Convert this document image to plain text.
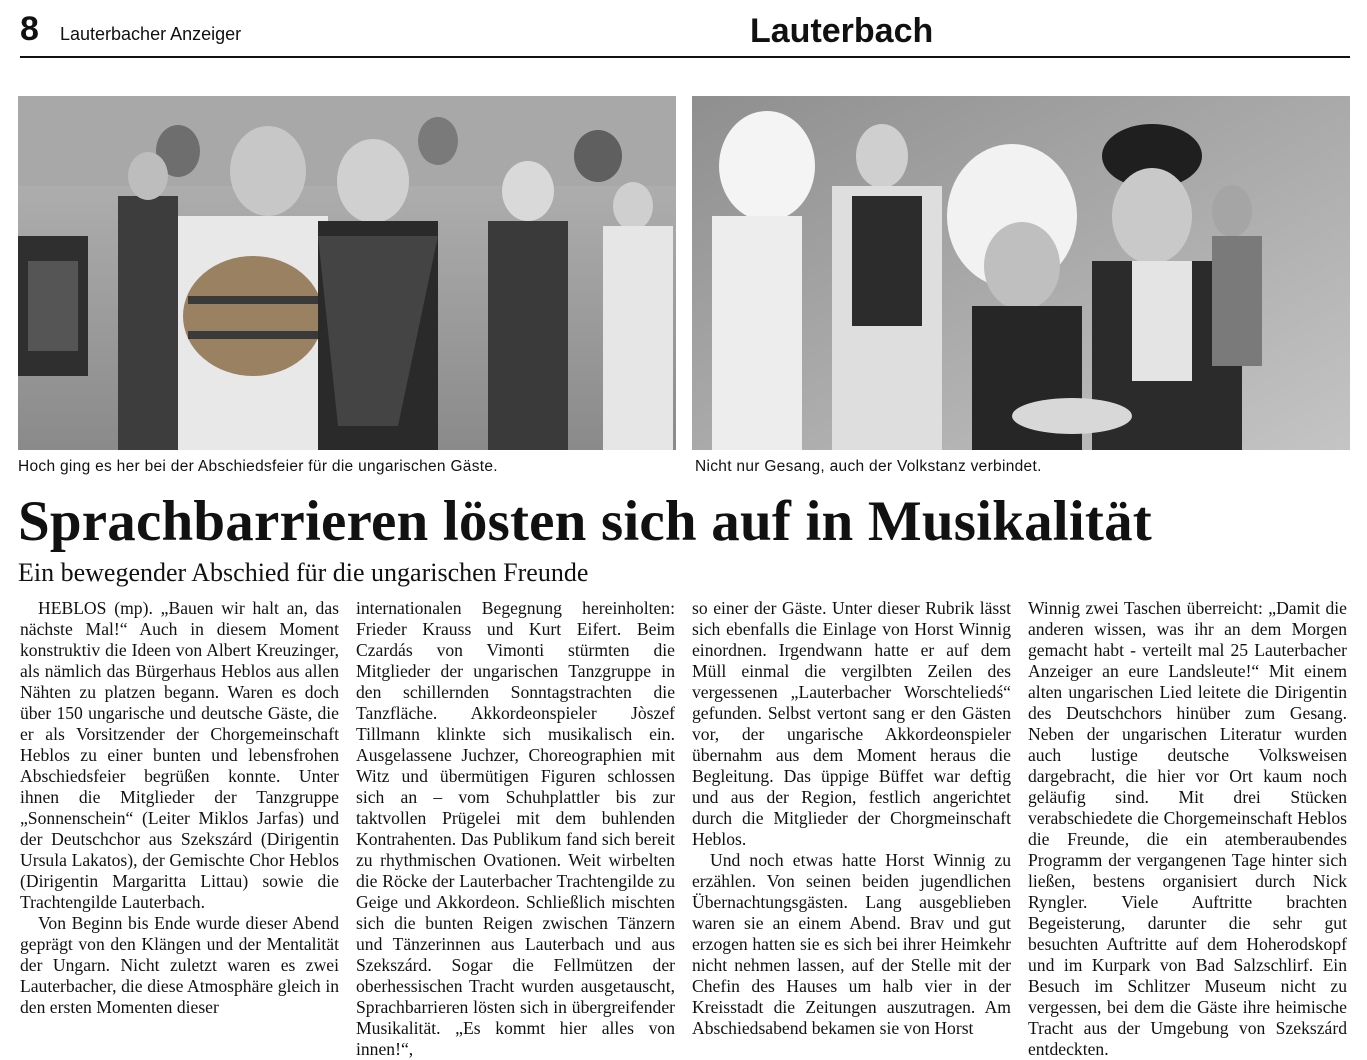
8 Lauterbacher Anzeiger	Lauterbach
Hoch ging es her bei der Abschiedsfeier für die ungarischen Gäste.	Nicht nur Gesang, auch der Volkstanz verbindet.
Sprachbarrieren lösten sich auf in Musikalität
Ein bewegender Abschied für die ungarischen Freunde

HEBLOS (mp). „Bauen wir halt an, das nächste Mal!“ Auch in diesem Moment konstruktiv die Ideen von Albert Kreuzinger, als nämlich das Bürgerhaus Heblos aus allen Nähten zu platzen begann. Waren es doch über 150 ungarische und deutsche Gäste, die er als Vorsitzender der Chorgemeinschaft Heblos zu einer bunten und lebensfrohen Abschiedsfeier begrüßen konnte. Unter ihnen die Mitglieder der Tanzgruppe „Sonnenschein“ (Leiter Miklos Jarfas) und der Deutschchor aus Szekszárd (Dirigentin Ursula Lakatos), der Gemischte Chor Heblos (Dirigentin Margaritta Littau) sowie die Trachtengilde Lauterbach.

Von Beginn bis Ende wurde dieser Abend geprägt von den Klängen und der Mentalität der Ungarn. Nicht zuletzt waren es zwei Lauterbacher, die diese Atmosphäre gleich in den ersten Momenten dieser

internationalen Begegnung hereinholten: Frieder Krauss und Kurt Eifert. Beim Czardás von Vimonti stürmten die Mitglieder der ungarischen Tanzgruppe in den schillernden Sonntagstrachten die Tanzfläche. Akkordeonspieler Jòszef Tillmann klinkte sich musikalisch ein. Ausgelassene Juchzer, Choreographien mit Witz und übermütigen Figuren schlossen sich an – vom Schuhplattler bis zur taktvollen Prügelei mit dem buhlenden Kontrahenten. Das Publikum fand sich bereit zu rhythmischen Ovationen. Weit wirbelten die Röcke der Lauterbacher Trachtengilde zu Geige und Akkordeon. Schließlich mischten sich die bunten Reigen zwischen Tänzern und Tänzerinnen aus Lauterbach und aus Szekszárd. Sogar die Fellmützen der oberhessischen Tracht wurden ausgetauscht, Sprachbarrieren lösten sich in übergreifender Musikalität. „Es kommt hier alles von innen!“,

so einer der Gäste. Unter dieser Rubrik lässt sich ebenfalls die Einlage von Horst Winnig einordnen. Irgendwann hatte er auf dem Müll einmal die vergilbten Zeilen des vergessenen „Lauterbacher Worschteliedś“ gefunden. Selbst vertont sang er den Gästen vor, der ungarische Akkordeonspieler übernahm aus dem Moment heraus die Begleitung. Das üppige Büffet war deftig und aus der Region, festlich angerichtet durch die Mitglieder der Chorgmeinschaft Heblos.

Und noch etwas hatte Horst Winnig zu erzählen. Von seinen beiden jugendlichen Übernachtungsgästen. Lang ausgeblieben waren sie an einem Abend. Brav und gut erzogen hatten sie es sich bei ihrer Heimkehr nicht nehmen lassen, auf der Stelle mit der Chefin des Hauses um halb vier in der Kreisstadt die Zeitungen auszutragen. Am Abschiedsabend bekamen sie von Horst

Winnig zwei Taschen überreicht: „Damit die anderen wissen, was ihr an dem Morgen gemacht habt - verteilt mal 25 Lauterbacher Anzeiger an eure Landsleute!“ Mit einem alten ungarischen Lied leitete die Dirigentin des Deutschchors hinüber zum Gesang. Neben der ungarischen Literatur wurden auch lustige deutsche Volksweisen dargebracht, die hier vor Ort kaum noch geläufig sind. Mit drei Stücken verabschiedete die Chorgemeinschaft Heblos die Freunde, die ein atemberaubendes Programm der vergangenen Tage hinter sich ließen, bestens organisiert durch Nick Ryngler. Viele Auftritte brachten Begeisterung, darunter die sehr gut besuchten Auftritte auf dem Hoherodskopf und im Kurpark von Bad Salzschlirf. Ein Besuch im Schlitzer Museum nicht zu vergessen, bei dem die Gäste ihre heimische Tracht aus der Umgebung von Szekszárd entdeckten.
